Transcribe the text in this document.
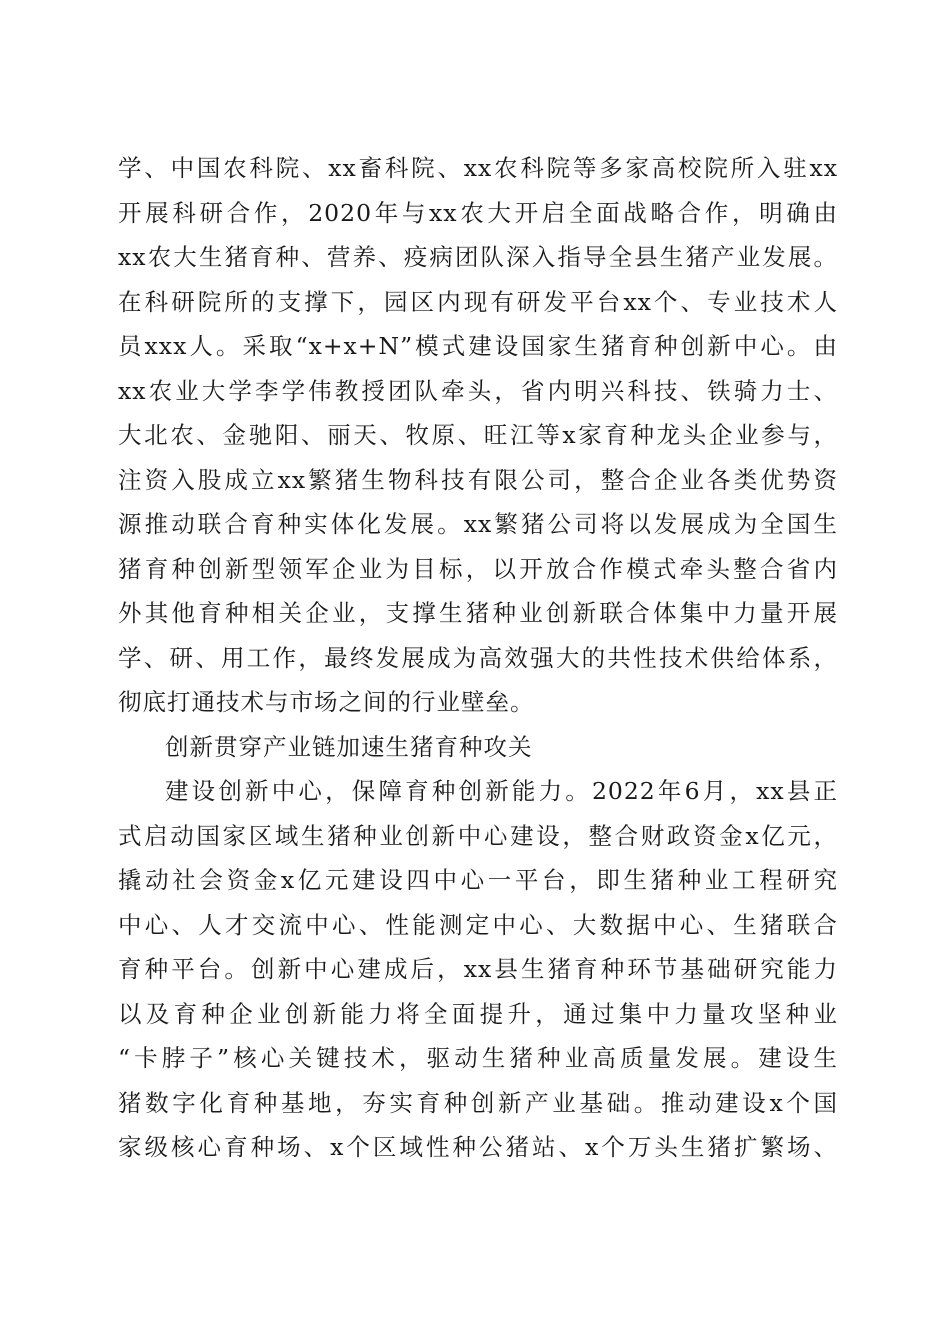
学、中国农科院、xx畜科院、xx农科院等多家高校院所入驻xx
开展科研合作，2020年与xx农大开启全面战略合作，明确由
xx农大生猪育种、营养、疫病团队深入指导全县生猪产业发展。
在科研院所的支撑下，园区内现有研发平台xx个、专业技术人
员xxx人。采取“x+x+N”模式建设国家生猪育种创新中心。由
xx农业大学李学伟教授团队牵头，省内明兴科技、铁骑力士、
大北农、金驰阳、丽天、牧原、旺江等x家育种龙头企业参与，
注资入股成立xx繁猪生物科技有限公司，整合企业各类优势资
源推动联合育种实体化发展。xx繁猪公司将以发展成为全国生
猪育种创新型领军企业为目标，以开放合作模式牵头整合省内
外其他育种相关企业，支撑生猪种业创新联合体集中力量开展
学、研、用工作，最终发展成为高效强大的共性技术供给体系，
彻底打通技术与市场之间的行业壁垒。
创新贯穿产业链加速生猪育种攻关
建设创新中心，保障育种创新能力。2022年6月，xx县正
式启动国家区域生猪种业创新中心建设，整合财政资金x亿元，
撬动社会资金x亿元建设四中心一平台，即生猪种业工程研究
中心、人才交流中心、性能测定中心、大数据中心、生猪联合
育种平台。创新中心建成后，xx县生猪育种环节基础研究能力
以及育种企业创新能力将全面提升，通过集中力量攻坚种业
“卡脖子”核心关键技术，驱动生猪种业高质量发展。建设生
猪数字化育种基地，夯实育种创新产业基础。推动建设x个国
家级核心育种场、x个区域性种公猪站、x个万头生猪扩繁场、
